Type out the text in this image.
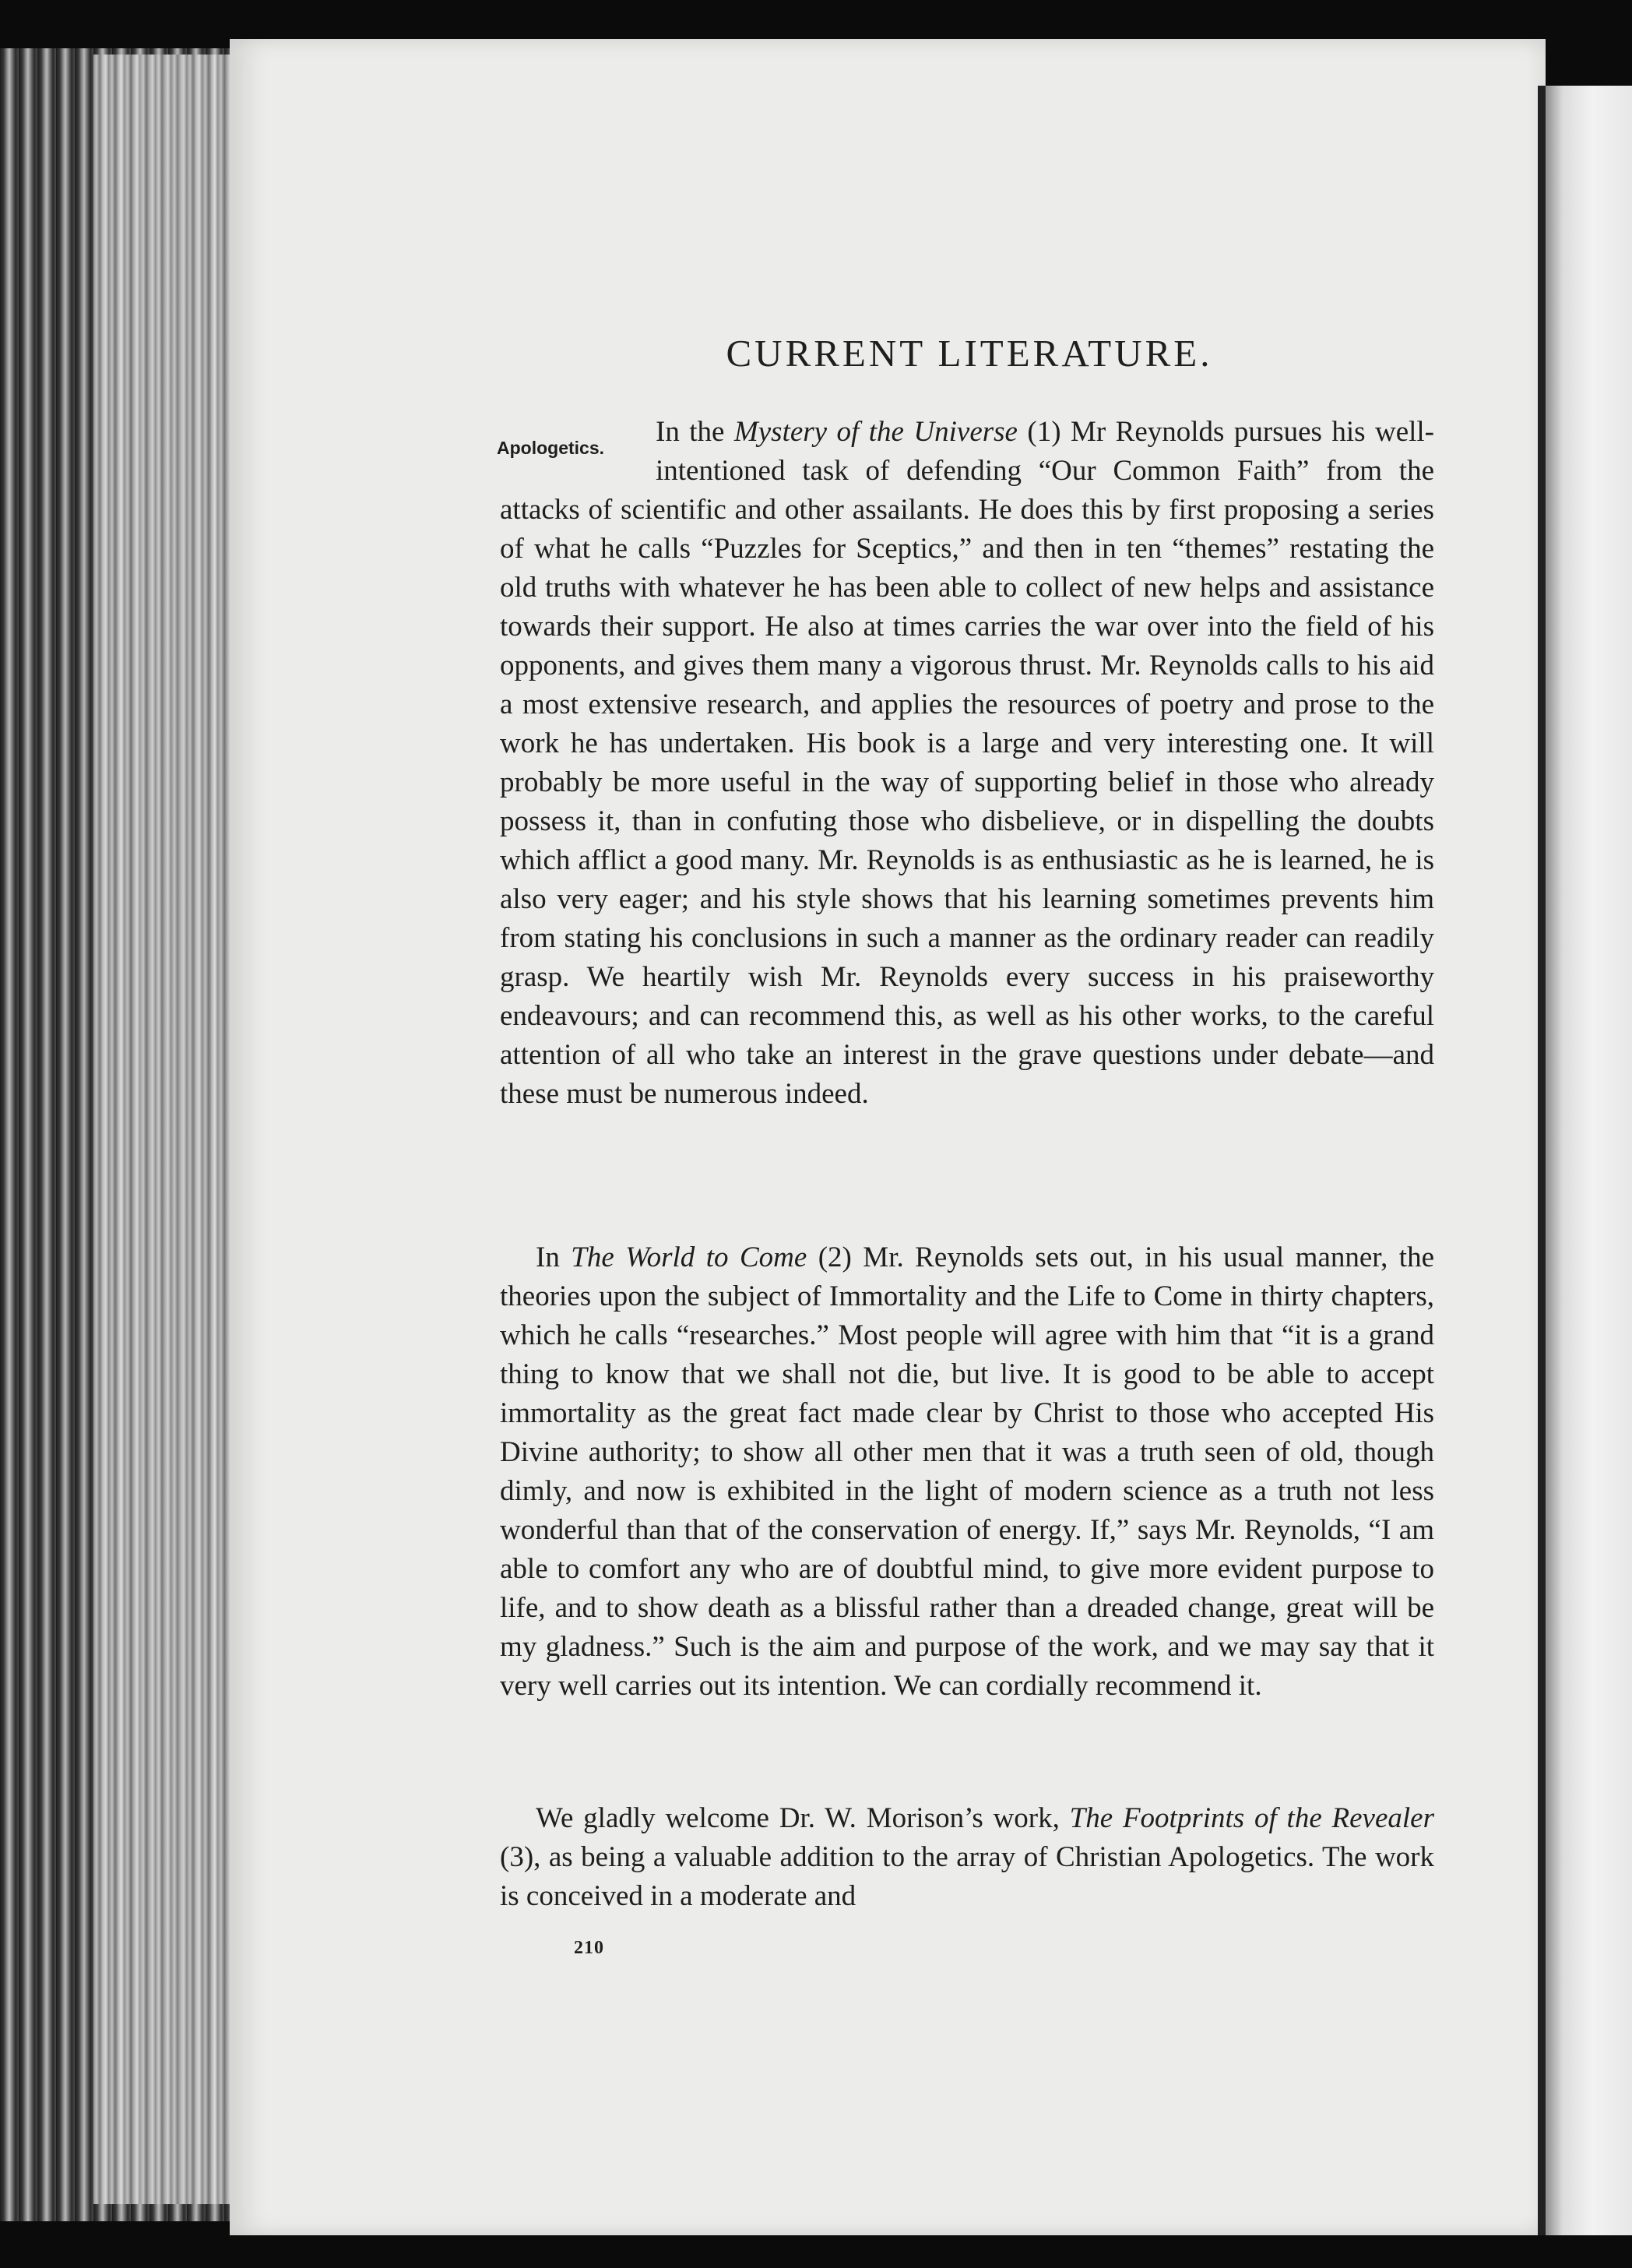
CURRENT LITERATURE.
Apologetics.	In the Mystery of the Universe (1) Mr Reynolds pursues his well-intentioned task of defending “Our Common Faith” from the attacks of scientific and other assailants. He does this by first proposing a series of what he calls “Puzzles for Sceptics,” and then in ten “themes” restating the old truths with whatever he has been able to collect of new helps and assistance towards their support. He also at times carries the war over into the field of his opponents, and gives them many a vigorous thrust. Mr. Reynolds calls to his aid a most extensive research, and applies the resources of poetry and prose to the work he has undertaken. His book is a large and very interesting one. It will probably be more useful in the way of supporting belief in those who already possess it, than in confuting those who disbelieve, or in dispelling the doubts which afflict a good many. Mr. Reynolds is as enthusiastic as he is learned, he is also very eager; and his style shows that his learning sometimes prevents him from stating his conclusions in such a manner as the ordinary reader can readily grasp. We heartily wish Mr. Reynolds every success in his praiseworthy endeavours; and can recommend this, as well as his other works, to the careful attention of all who take an interest in the grave questions under debate—and these must be numerous indeed.

In The World to Come (2) Mr. Reynolds sets out, in his usual manner, the theories upon the subject of Immortality and the Life to Come in thirty chapters, which he calls “researches.” Most people will agree with him that “it is a grand thing to know that we shall not die, but live. It is good to be able to accept immortality as the great fact made clear by Christ to those who accepted His Divine authority; to show all other men that it was a truth seen of old, though dimly, and now is exhibited in the light of modern science as a truth not less wonderful than that of the conservation of energy. If,” says Mr. Reynolds, “I am able to comfort any who are of doubtful mind, to give more evident purpose to life, and to show death as a blissful rather than a dreaded change, great will be my gladness.” Such is the aim and purpose of the work, and we may say that it very well carries out its intention. We can cordially recommend it.

We gladly welcome Dr. W. Morison’s work, The Footprints of the Revealer (3), as being a valuable addition to the array of Christian Apologetics. The work is conceived in a moderate and

210
